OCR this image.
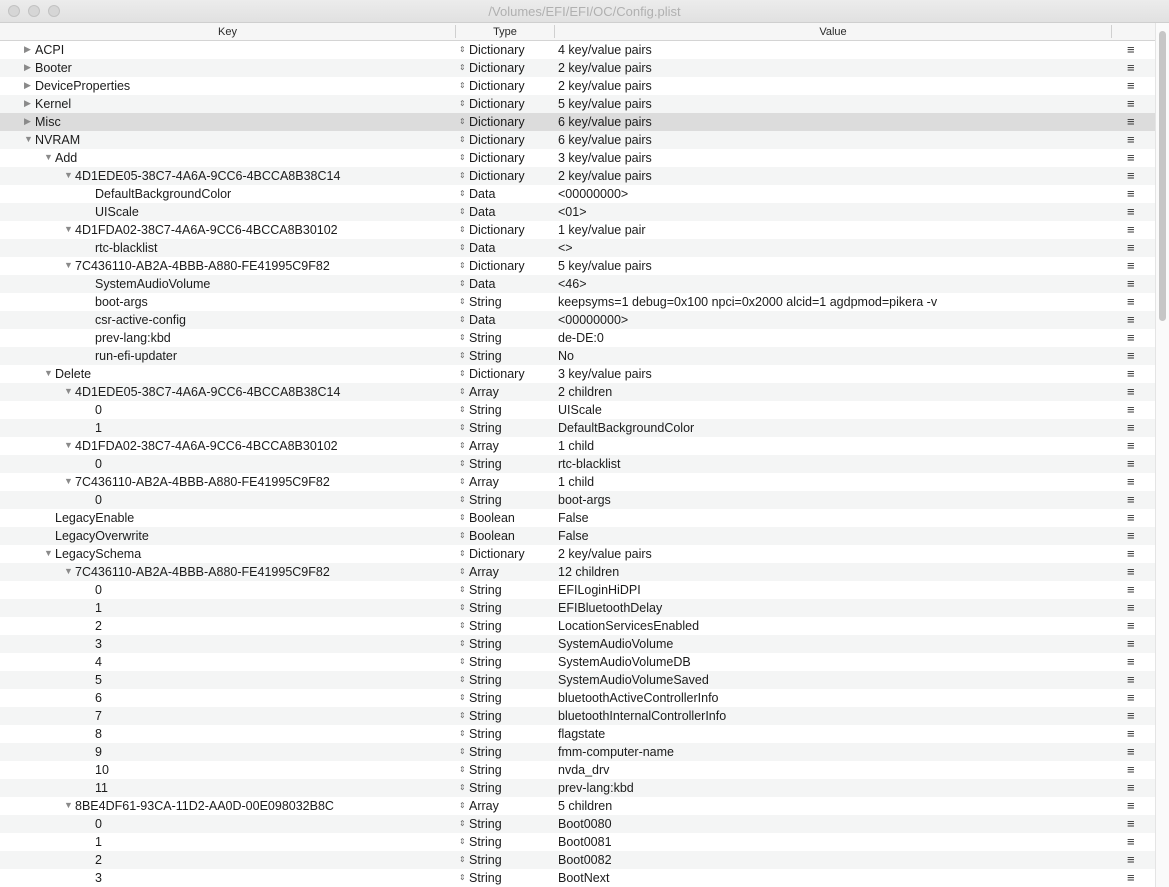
/Volumes/EFI/EFI/OC/Config.plist
Key	Type	Value
▶ ACPI	⇕ Dictionary	4 key/value pairs	≡
▶ Booter	⇕ Dictionary	2 key/value pairs	≡
▶ DeviceProperties	⇕ Dictionary	2 key/value pairs	≡
▶ Kernel	⇕ Dictionary	5 key/value pairs	≡
▶ Misc	⇕ Dictionary	6 key/value pairs	≡
▼ NVRAM	⇕ Dictionary	6 key/value pairs	≡
▼ Add	⇕ Dictionary	3 key/value pairs	≡
▼ 4D1EDE05-38C7-4A6A-9CC6-4BCCA8B38C14	⇕ Dictionary	2 key/value pairs	≡
DefaultBackgroundColor	⇕ Data	<00000000>	≡
UIScale	⇕ Data	<01>	≡
▼ 4D1FDA02-38C7-4A6A-9CC6-4BCCA8B30102	⇕ Dictionary	1 key/value pair	≡
rtc-blacklist	⇕ Data	<>	≡
▼ 7C436110-AB2A-4BBB-A880-FE41995C9F82	⇕ Dictionary	5 key/value pairs	≡
SystemAudioVolume	⇕ Data	<46>	≡
boot-args	⇕ String	keepsyms=1 debug=0x100 npci=0x2000 alcid=1 agdpmod=pikera -v	≡
csr-active-config	⇕ Data	<00000000>	≡
prev-lang:kbd	⇕ String	de-DE:0	≡
run-efi-updater	⇕ String	No	≡
▼ Delete	⇕ Dictionary	3 key/value pairs	≡
▼ 4D1EDE05-38C7-4A6A-9CC6-4BCCA8B38C14	⇕ Array	2 children	≡
0	⇕ String	UIScale	≡
1	⇕ String	DefaultBackgroundColor	≡
▼ 4D1FDA02-38C7-4A6A-9CC6-4BCCA8B30102	⇕ Array	1 child	≡
0	⇕ String	rtc-blacklist	≡
▼ 7C436110-AB2A-4BBB-A880-FE41995C9F82	⇕ Array	1 child	≡
0	⇕ String	boot-args	≡
LegacyEnable	⇕ Boolean	False	≡
LegacyOverwrite	⇕ Boolean	False	≡
▼ LegacySchema	⇕ Dictionary	2 key/value pairs	≡
▼ 7C436110-AB2A-4BBB-A880-FE41995C9F82	⇕ Array	12 children	≡
0	⇕ String	EFILoginHiDPI	≡
1	⇕ String	EFIBluetoothDelay	≡
2	⇕ String	LocationServicesEnabled	≡
3	⇕ String	SystemAudioVolume	≡
4	⇕ String	SystemAudioVolumeDB	≡
5	⇕ String	SystemAudioVolumeSaved	≡
6	⇕ String	bluetoothActiveControllerInfo	≡
7	⇕ String	bluetoothInternalControllerInfo	≡
8	⇕ String	flagstate	≡
9	⇕ String	fmm-computer-name	≡
10	⇕ String	nvda_drv	≡
11	⇕ String	prev-lang:kbd	≡
▼ 8BE4DF61-93CA-11D2-AA0D-00E098032B8C	⇕ Array	5 children	≡
0	⇕ String	Boot0080	≡
1	⇕ String	Boot0081	≡
2	⇕ String	Boot0082	≡
3	⇕ String	BootNext	≡
